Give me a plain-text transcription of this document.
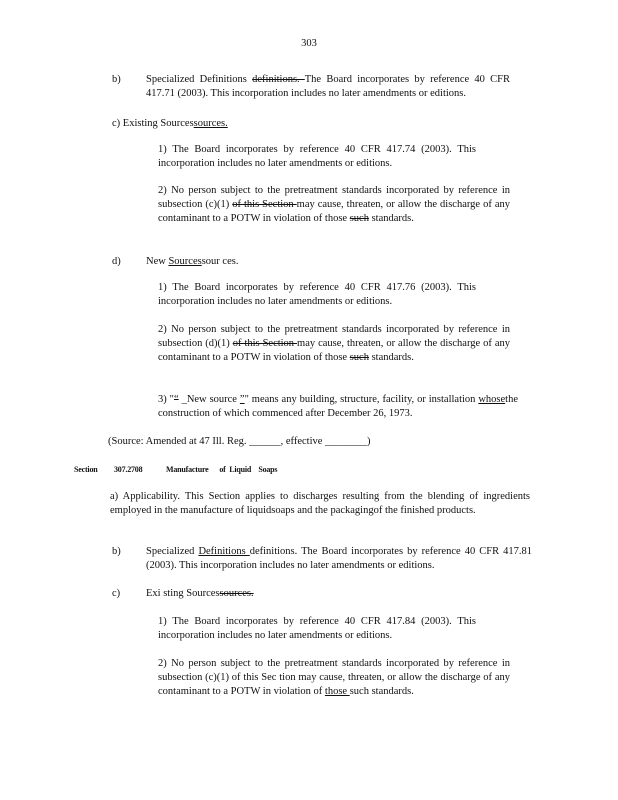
303
b) Specialized Definitions definitions. The Board incorporates by reference 40 CFR 417.71 (2003). This incorporation includes no later amendments or editions.
c) Existing Sourcessources.
1) The Board incorporates by reference 40 CFR 417.74 (2003). This incorporation includes no later amendments or editions.
2) No person subject to the pretreatment standards incorporated by reference in subsection (c)(1) of this Section may cause, threaten, or allow the discharge of any contaminant to a POTW in violation of those such standards.
d) New Sourcessour ces.
1) The Board incorporates by reference 40 CFR 417.76 (2003). This incorporation includes no later amendments or editions.
2) No person subject to the pretreatment standards incorporated by reference in subsection (d)(1) of this Section may cause, threaten, or allow the discharge of any contaminant to a POTW in violation of those such standards.
3) "“ _New source ”" means any building, structure, facility, or installation whosethe construction of which commenced after December 26, 1973.
(Source: Amended at 47 Ill. Reg. ______, effective ________)
Section 307.2708	Manufacture      of  Liquid    Soaps
a) Applicability. This Section applies to discharges resulting from the blending of ingredients employed in the manufacture of liquidsoaps and the packagingof the finished products.
b) Specialized Definitions definitions. The Board incorporates by reference 40 CFR 417.81 (2003). This incorporation includes no later amendments or editions.
c) Exi sting Sourcessources.
1) The Board incorporates by reference 40 CFR 417.84 (2003). This incorporation includes no later amendments or editions.
2) No person subject to the pretreatment standards incorporated by reference in subsection (c)(1) of this Sec tion may cause, threaten, or allow the discharge of any contaminant to a POTW in violation of those such standards.
